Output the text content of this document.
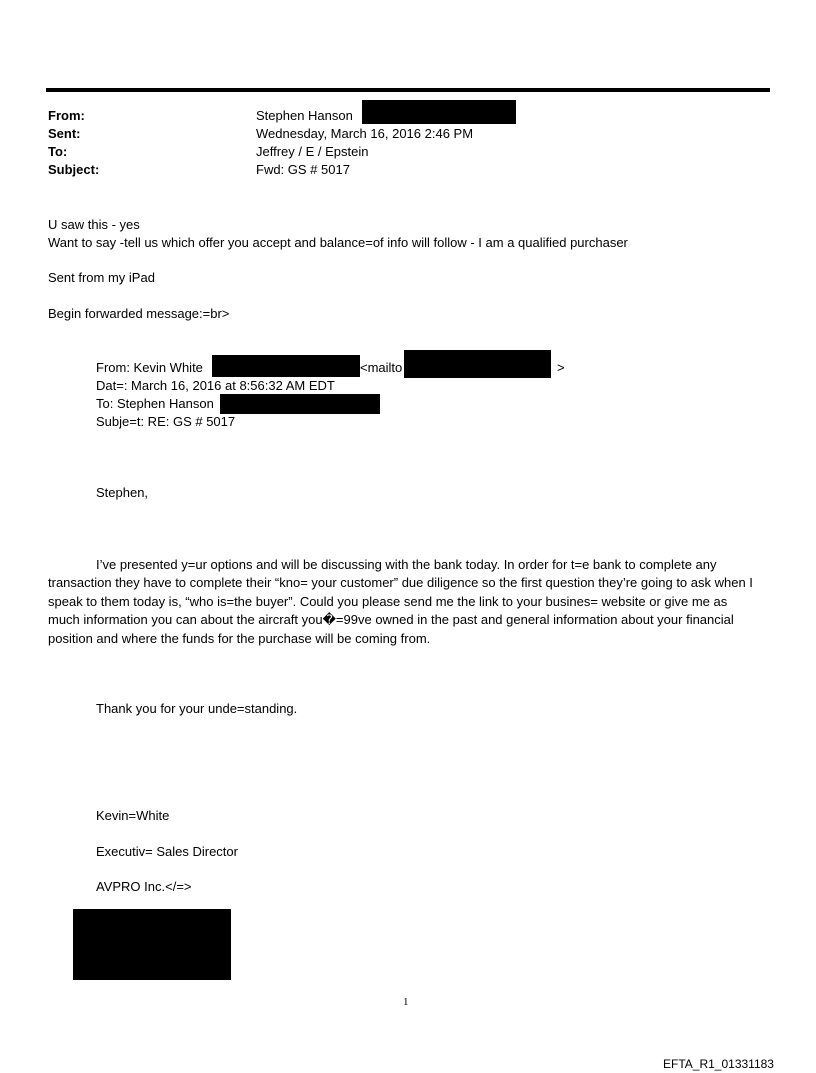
From:	Stephen Hanson
Sent:	Wednesday, March 16, 2016 2:46 PM
To:	Jeffrey / E / Epstein
Subject:	Fwd: GS # 5017
U saw this - yes
Want to say -tell us which offer you accept and balance=of info will follow - I am a qualified purchaser
Sent from my iPad
Begin forwarded message:=br>
From: Kevin White	<mailto	>
Dat=: March 16, 2016 at 8:56:32 AM EDT
To: Stephen Hanson
Subje=t: RE: GS # 5017
Stephen,
I’ve presented y=ur options and will be discussing with the bank today. In order for t=e bank to complete any transaction they have to complete their “kno= your customer” due diligence so the first question they’re going to ask when I speak to them today is, “who is=the buyer”. Could you please send me the link to your busines= website or give me as much information you can about the aircraft you�=99ve owned in the past and general information about your financial position and where the funds for the purchase will be coming from.
Thank you for your unde=standing.
Kevin=White
Executiv= Sales Director
AVPRO Inc.</=>
1
EFTA_R1_01331183
